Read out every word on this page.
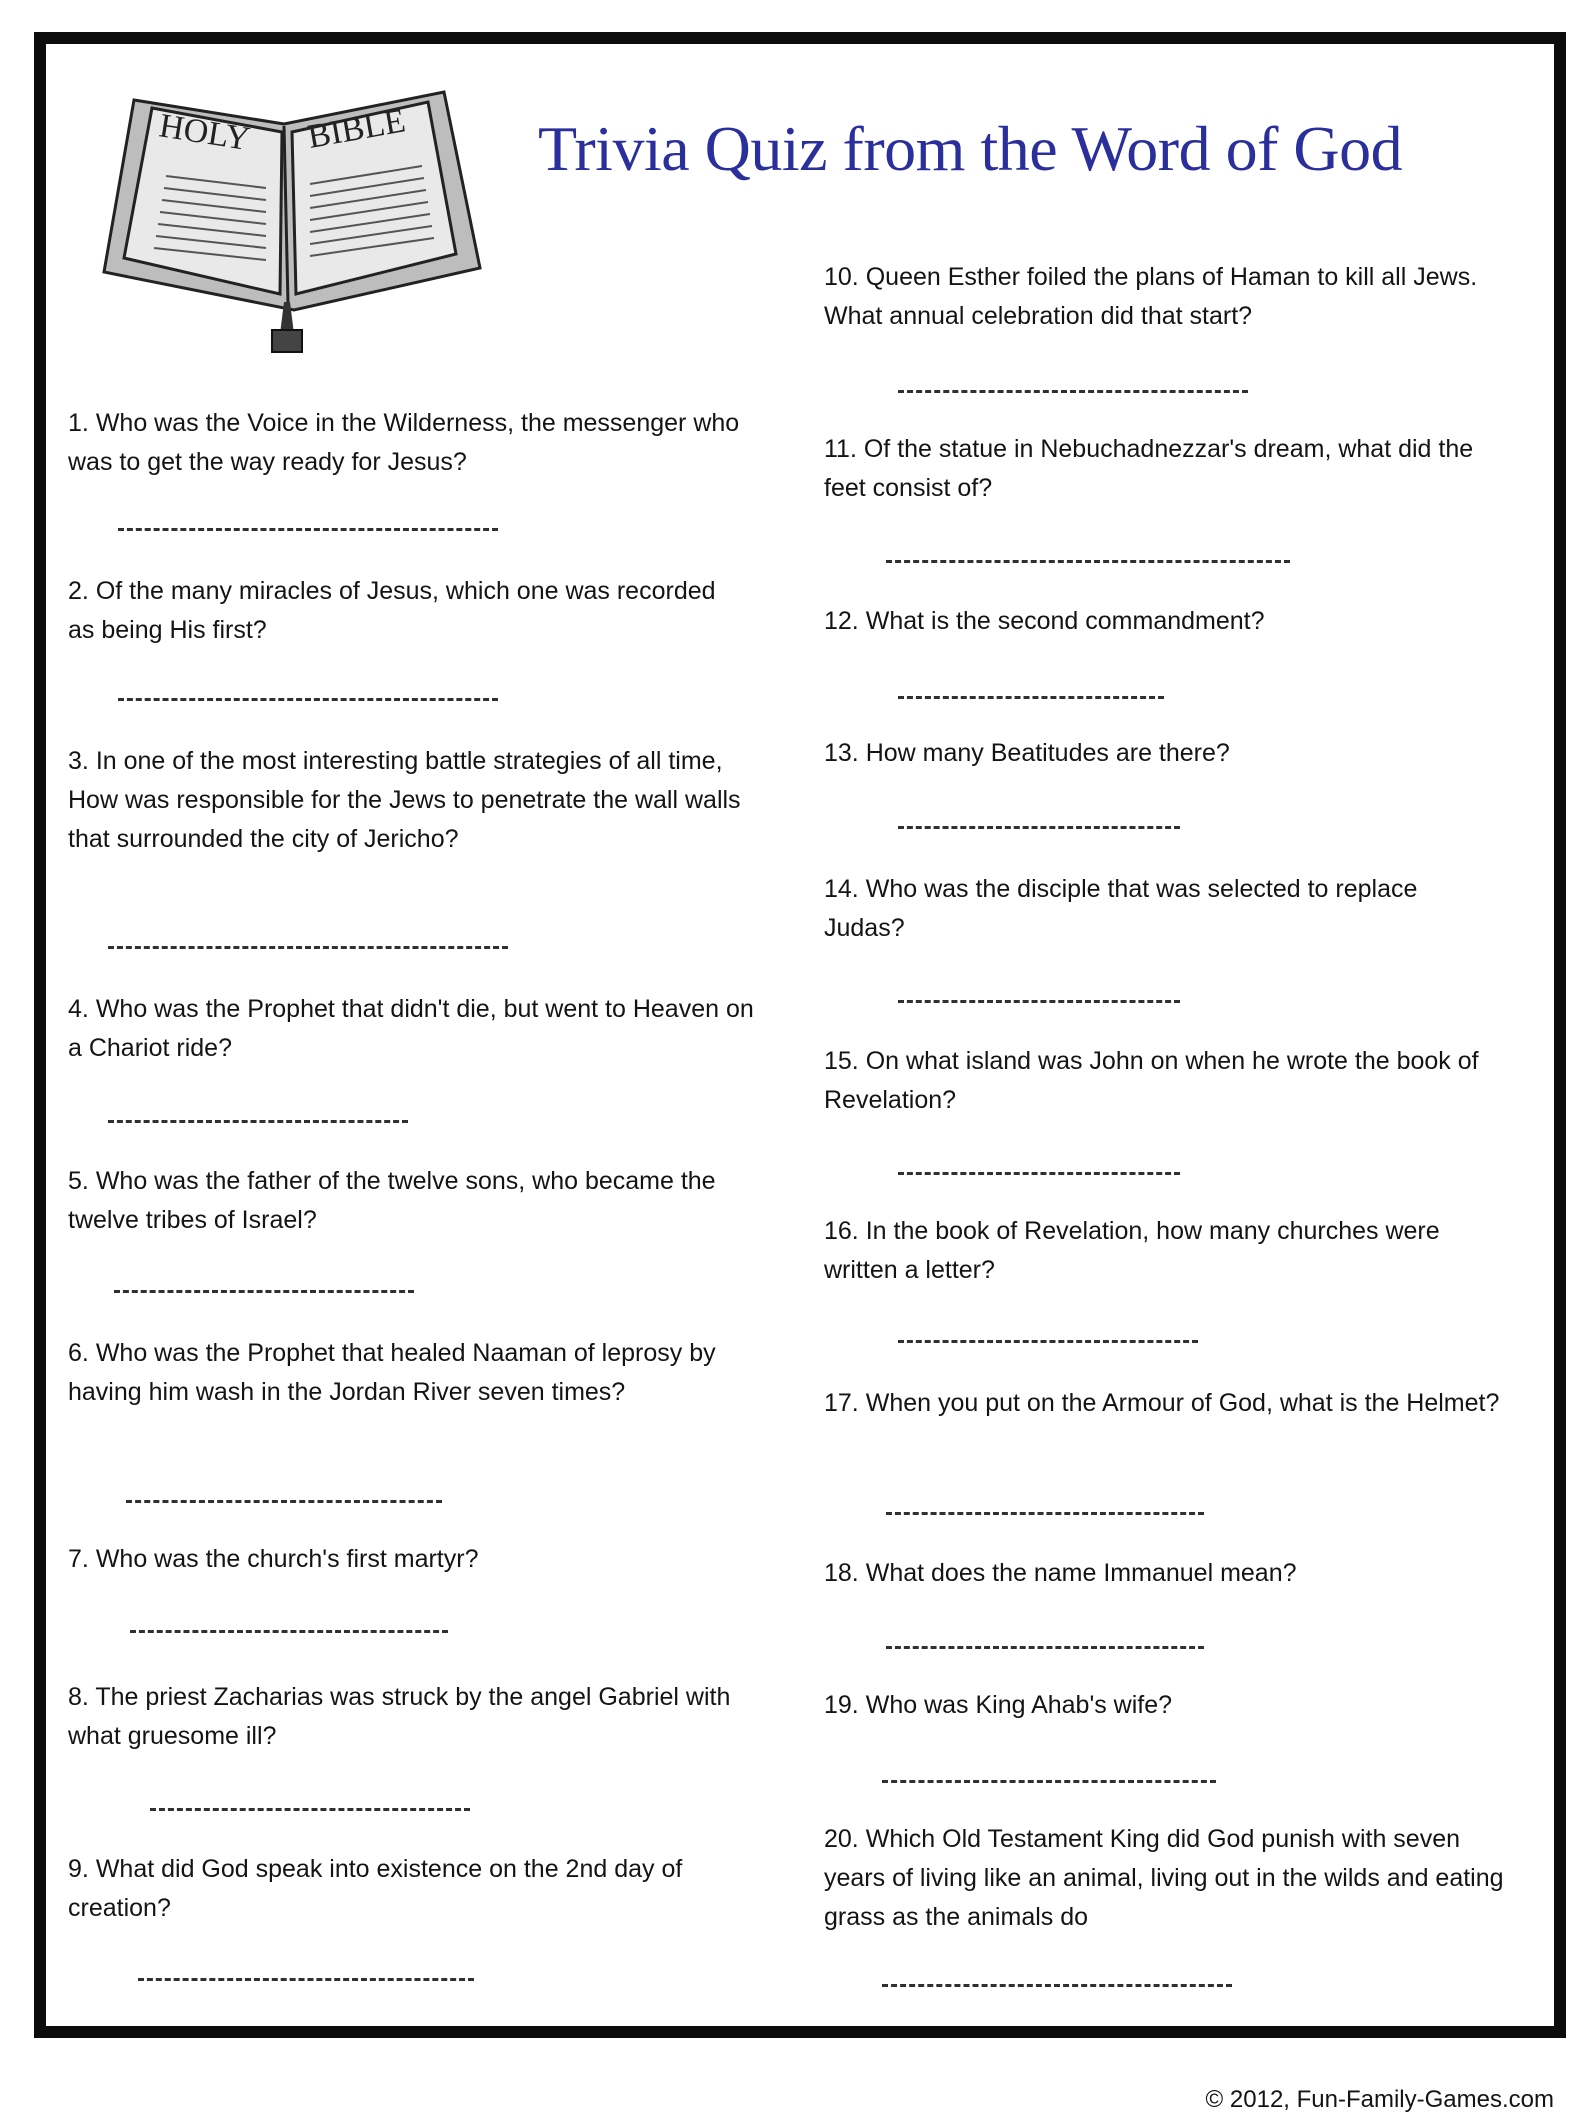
HOLY BIBLE Trivia Quiz from the Word of God
1. Who was the Voice in the Wilderness, the messenger who was to get the way ready for Jesus?
2. Of the many miracles of Jesus, which one was recorded as being His first?
3. In one of the most interesting battle strategies of all time, How was responsible for the Jews to penetrate the wall walls that surrounded the city of Jericho?
4. Who was the Prophet that didn't die, but went to Heaven on a Chariot ride?
5. Who was the father of the twelve sons, who became the twelve tribes of Israel?
6. Who was the Prophet that healed Naaman of leprosy by having him wash in the Jordan River seven times?
7. Who was the church's first martyr?
8. The priest Zacharias was struck by the angel Gabriel with what gruesome ill?
9. What did God speak into existence on the 2nd day of creation?
10. Queen Esther foiled the plans of Haman to kill all Jews. What annual celebration did that start?
11. Of the statue in Nebuchadnezzar's dream, what did the feet consist of?
12. What is the second commandment?
13. How many Beatitudes are there?
14. Who was the disciple that was selected to replace Judas?
15. On what island was John on when he wrote the book of Revelation?
16. In the book of Revelation, how many churches were written a letter?
17. When you put on the Armour of God, what is the Helmet?
18. What does the name Immanuel mean?
19. Who was King Ahab's wife?
20. Which Old Testament King did God punish with seven years of living like an animal, living out in the wilds and eating grass as the animals do
© 2012, Fun-Family-Games.com
